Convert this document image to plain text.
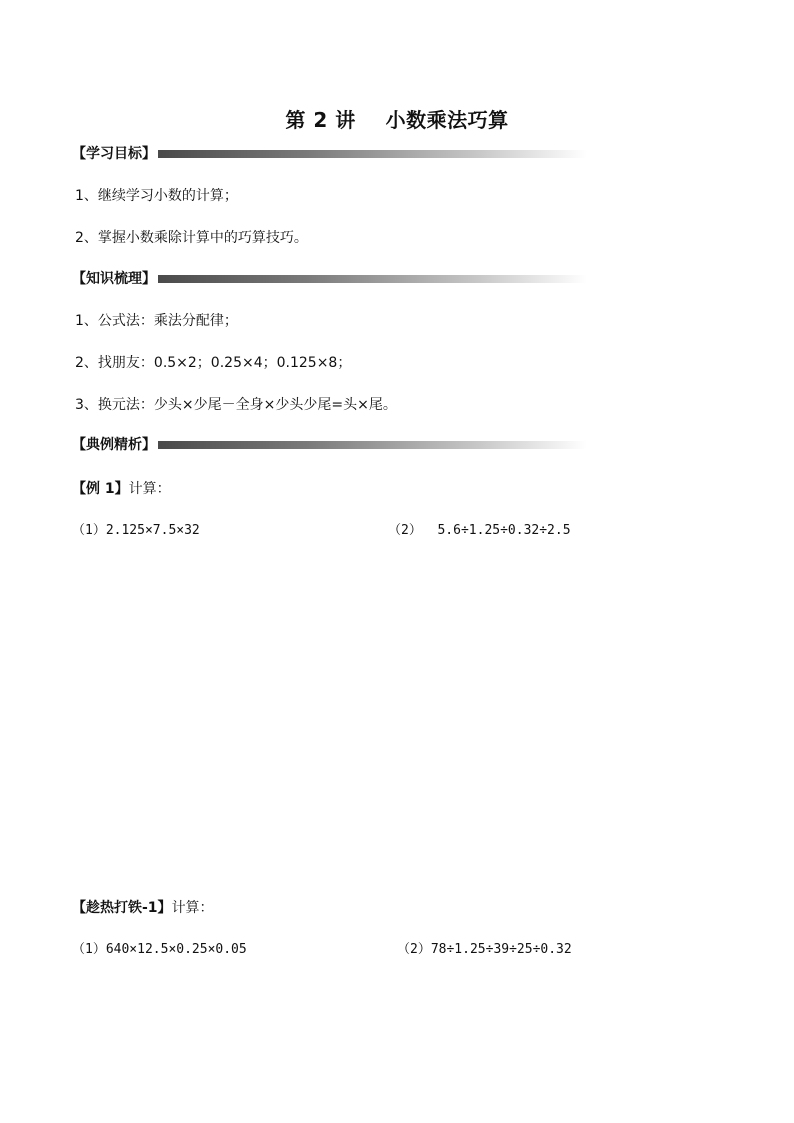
第 2 讲    小数乘法巧算
【学习目标】
1、继续学习小数的计算；
2、掌握小数乘除计算中的巧算技巧。
【知识梳理】
1、公式法：乘法分配律；
2、找朋友：0.5×2；0.25×4；0.125×8；
3、换元法：少头×少尾－全身×少头少尾=头×尾。
【典例精析】
【例 1】计算：
（1）2.125×7.5×32	（2）  5.6÷1.25÷0.32÷2.5
【趁热打铁-1】计算：
（1）640×12.5×0.25×0.05	（2）78÷1.25÷39÷25÷0.32
